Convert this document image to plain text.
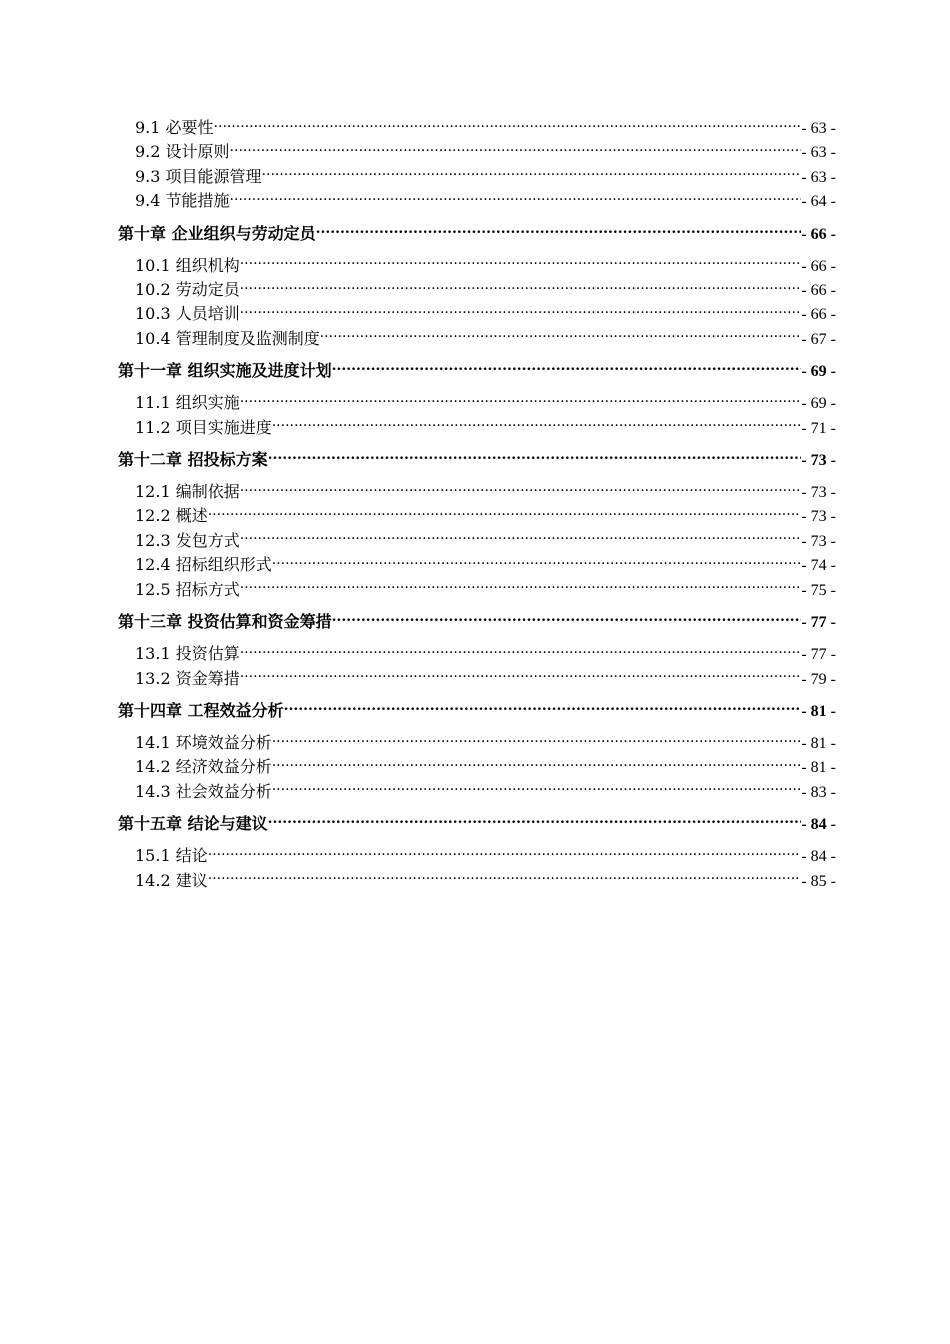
9.1 必要性 .....	- 63 -
9.2 设计原则 .....	- 63 -
9.3 项目能源管理 .....	- 63 -
9.4 节能措施 .....	- 64 -
第十章 企业组织与劳动定员 .....	- 66 -
10.1 组织机构 .....	- 66 -
10.2 劳动定员 .....	- 66 -
10.3 人员培训 .....	- 66 -
10.4 管理制度及监测制度 .....	- 67 -
第十一章 组织实施及进度计划 .....	- 69 -
11.1 组织实施 .....	- 69 -
11.2 项目实施进度 .....	- 71 -
第十二章 招投标方案 .....	- 73 -
12.1 编制依据 .....	- 73 -
12.2 概述 .....	- 73 -
12.3 发包方式 .....	- 73 -
12.4 招标组织形式 .....	- 74 -
12.5 招标方式 .....	- 75 -
第十三章 投资估算和资金筹措 .....	- 77 -
13.1 投资估算 .....	- 77 -
13.2 资金筹措 .....	- 79 -
第十四章 工程效益分析 .....	- 81 -
14.1 环境效益分析 .....	- 81 -
14.2 经济效益分析 .....	- 81 -
14.3 社会效益分析 .....	- 83 -
第十五章 结论与建议 .....	- 84 -
15.1 结论 .....	- 84 -
14.2 建议 .....	- 85 -
